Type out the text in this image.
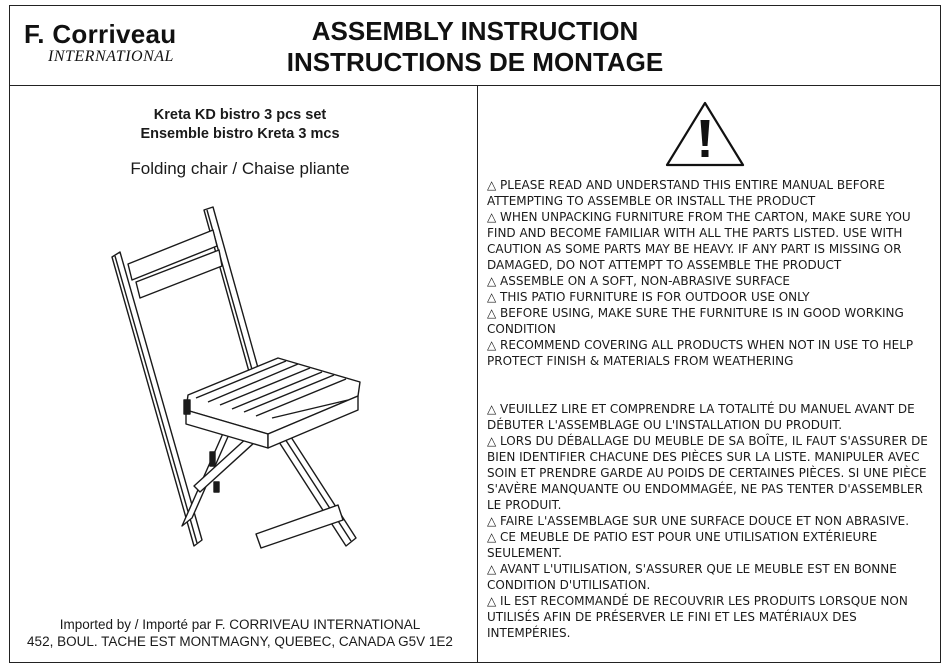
F. Corriveau
INTERNATIONAL
ASSEMBLY INSTRUCTION
INSTRUCTIONS DE MONTAGE
Kreta KD bistro 3 pcs set
Ensemble bistro Kreta 3 mcs
Folding chair / Chaise pliante
Imported by / Importé par F. CORRIVEAU INTERNATIONAL
452, BOUL. TACHE EST MONTMAGNY, QUEBEC, CANADA G5V 1E2

△ PLEASE READ AND UNDERSTAND THIS ENTIRE MANUAL BEFORE ATTEMPTING TO ASSEMBLE OR INSTALL THE PRODUCT

△ WHEN UNPACKING FURNITURE FROM THE CARTON, MAKE SURE YOU FIND AND BECOME FAMILIAR WITH ALL THE PARTS LISTED. USE WITH CAUTION AS SOME PARTS MAY BE HEAVY. IF ANY PART IS MISSING OR DAMAGED, DO NOT ATTEMPT TO ASSEMBLE THE PRODUCT

△ ASSEMBLE ON A SOFT, NON-ABRASIVE SURFACE

△ THIS PATIO FURNITURE IS FOR OUTDOOR USE ONLY

△ BEFORE USING, MAKE SURE THE FURNITURE IS IN GOOD WORKING CONDITION

△ RECOMMEND COVERING ALL PRODUCTS WHEN NOT IN USE TO HELP PROTECT FINISH & MATERIALS FROM WEATHERING

△ VEUILLEZ LIRE ET COMPRENDRE LA TOTALITÉ DU MANUEL AVANT DE DÉBUTER L'ASSEMBLAGE OU L'INSTALLATION DU PRODUIT.

△ LORS DU DÉBALLAGE DU MEUBLE DE SA BOÎTE, IL FAUT S'ASSURER DE BIEN IDENTIFIER CHACUNE DES PIÈCES SUR LA LISTE. MANIPULER AVEC SOIN ET PRENDRE GARDE AU POIDS DE CERTAINES PIÈCES. SI UNE PIÈCE S'AVÈRE MANQUANTE OU ENDOMMAGÉE, NE PAS TENTER D'ASSEMBLER LE PRODUIT.

△ FAIRE L'ASSEMBLAGE SUR UNE SURFACE DOUCE ET NON ABRASIVE.

△ CE MEUBLE DE PATIO EST POUR UNE UTILISATION EXTÉRIEURE SEULEMENT.

△ AVANT L'UTILISATION, S'ASSURER QUE LE MEUBLE EST EN BONNE CONDITION D'UTILISATION.

△ IL EST RECOMMANDÉ DE RECOUVRIR LES PRODUITS LORSQUE NON UTILISÉS AFIN DE PRÉSERVER LE FINI ET LES MATÉRIAUX DES INTEMPÉRIES.
